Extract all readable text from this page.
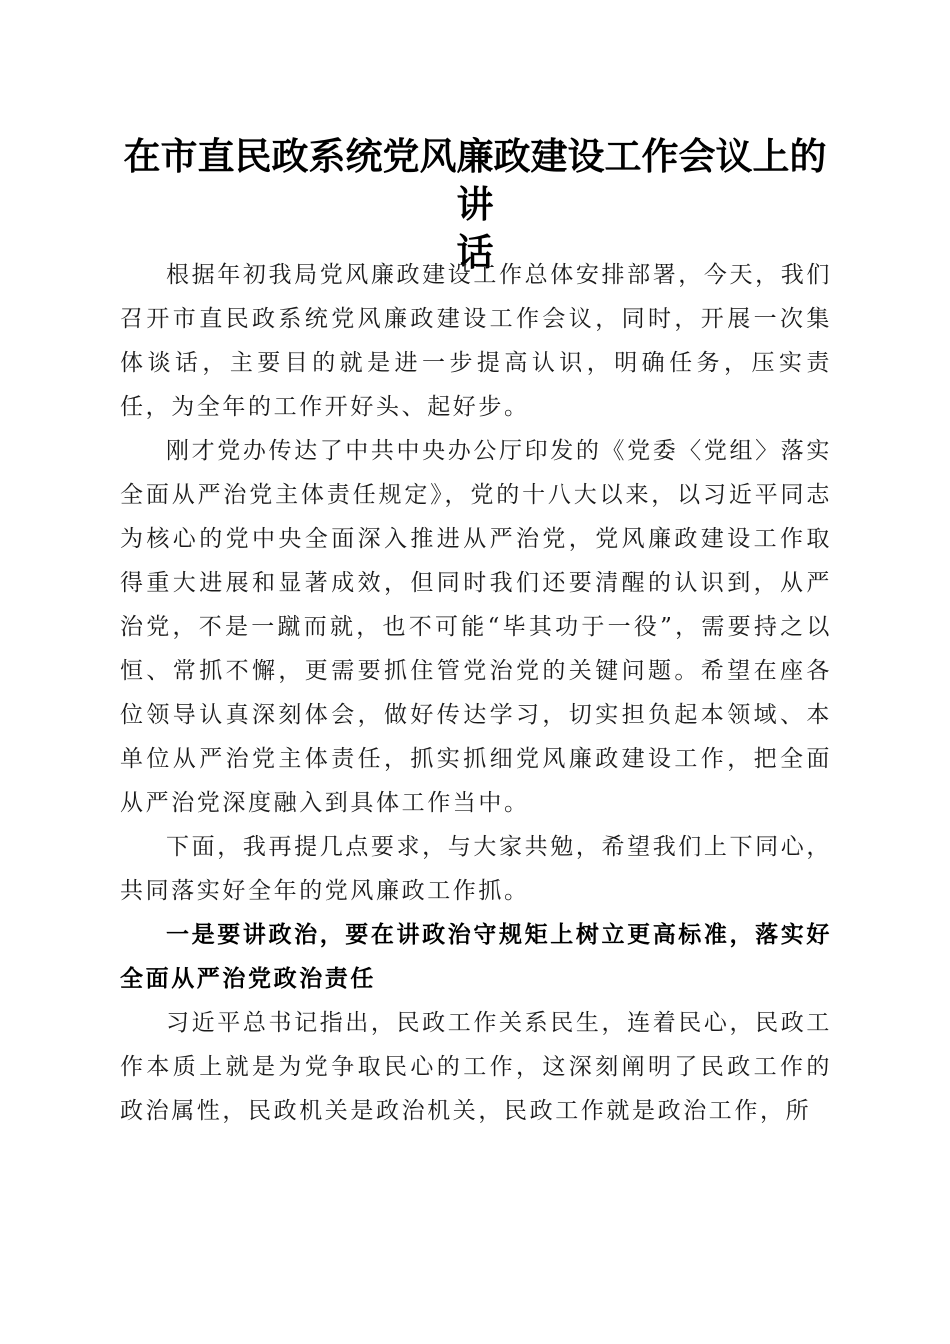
在市直民政系统党风廉政建设工作会议上的讲
话

根据年初我局党风廉政建设工作总体安排部署，今天，我们召开市直民政系统党风廉政建设工作会议，同时，开展一次集体谈话，主要目的就是进一步提高认识，明确任务，压实责任，为全年的工作开好头、起好步。

刚才党办传达了中共中央办公厅印发的《党委〈党组〉落实全面从严治党主体责任规定》，党的十八大以来，以习近平同志为核心的党中央全面深入推进从严治党，党风廉政建设工作取得重大进展和显著成效，但同时我们还要清醒的认识到，从严治党，不是一蹴而就，也不可能“毕其功于一役”，需要持之以恒、常抓不懈，更需要抓住管党治党的关键问题。希望在座各位领导认真深刻体会，做好传达学习，切实担负起本领域、本单位从严治党主体责任，抓实抓细党风廉政建设工作，把全面从严治党深度融入到具体工作当中。

下面，我再提几点要求，与大家共勉，希望我们上下同心，共同落实好全年的党风廉政工作抓。

一是要讲政治，要在讲政治守规矩上树立更高标准，落实好全面从严治党政治责任

习近平总书记指出，民政工作关系民生，连着民心，民政工作本质上就是为党争取民心的工作，这深刻阐明了民政工作的政治属性，民政机关是政治机关，民政工作就是政治工作，所
